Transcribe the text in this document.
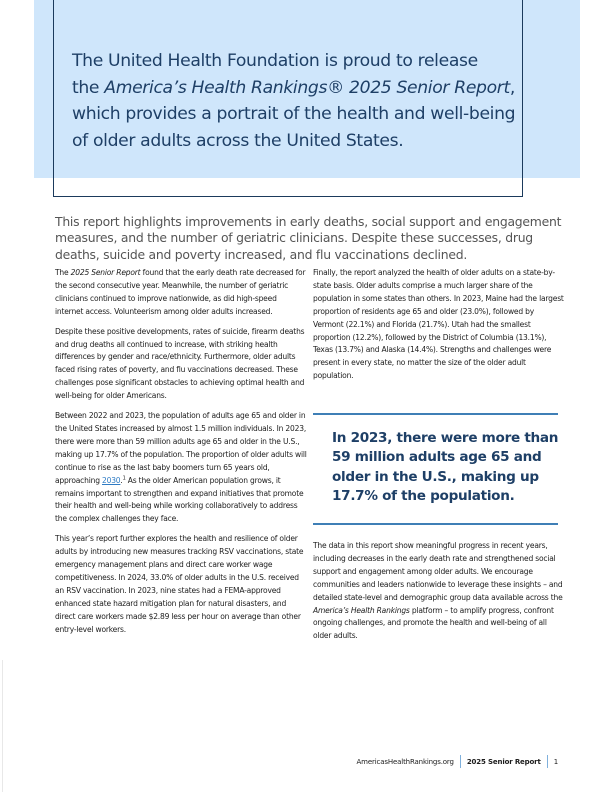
The United Health Foundation is proud to release
the America’s Health Rankings® 2025 Senior Report,
which provides a portrait of the health and well-being
of older adults across the United States.
This report highlights improvements in early deaths, social support and engagement measures, and the number of geriatric clinicians. Despite these successes, drug deaths, suicide and poverty increased, and flu vaccinations declined.

The 2025 Senior Report found that the early death rate decreased for the second consecutive year. Meanwhile, the number of geriatric clinicians continued to improve nationwide, as did high-speed internet access. Volunteerism among older adults increased.

Despite these positive developments, rates of suicide, firearm deaths and drug deaths all continued to increase, with striking health differences by gender and race/ethnicity. Furthermore, older adults faced rising rates of poverty, and flu vaccinations decreased. These challenges pose significant obstacles to achieving optimal health and well-being for older Americans.

Between 2022 and 2023, the population of adults age 65 and older in the United States increased by almost 1.5 million individuals. In 2023, there were more than 59 million adults age 65 and older in the U.S., making up 17.7% of the population. The proportion of older adults will continue to rise as the last baby boomers turn 65 years old, approaching 2030.$^1$ As the older American population grows, it remains important to strengthen and expand initiatives that promote their health and well-being while working collaboratively to address the complex challenges they face.

This year’s report further explores the health and resilience of older adults by introducing new measures tracking RSV vaccinations, state emergency management plans and direct care worker wage competitiveness. In 2024, 33.0% of older adults in the U.S. received an RSV vaccination. In 2023, nine states had a FEMA-approved enhanced state hazard mitigation plan for natural disasters, and direct care workers made $2.89 less per hour on average than other entry-level workers.

Finally, the report analyzed the health of older adults on a state-by-state basis. Older adults comprise a much larger share of the population in some states than others. In 2023, Maine had the largest proportion of residents age 65 and older (23.0%), followed by Vermont (22.1%) and Florida (21.7%). Utah had the smallest proportion (12.2%), followed by the District of Columbia (13.1%), Texas (13.7%) and Alaska (14.4%). Strengths and challenges were present in every state, no matter the size of the older adult population.

In 2023, there were more than 59 million adults age 65 and older in the U.S., making up 17.7% of the population.

The data in this report show meaningful progress in recent years, including decreases in the early death rate and strengthened social support and engagement among older adults. We encourage communities and leaders nationwide to leverage these insights – and detailed state-level and demographic group data available across the America’s Health Rankings platform – to amplify progress, confront ongoing challenges, and promote the health and well-being of all older adults.

AmericasHealthRankings.org 2025 Senior Report 1
